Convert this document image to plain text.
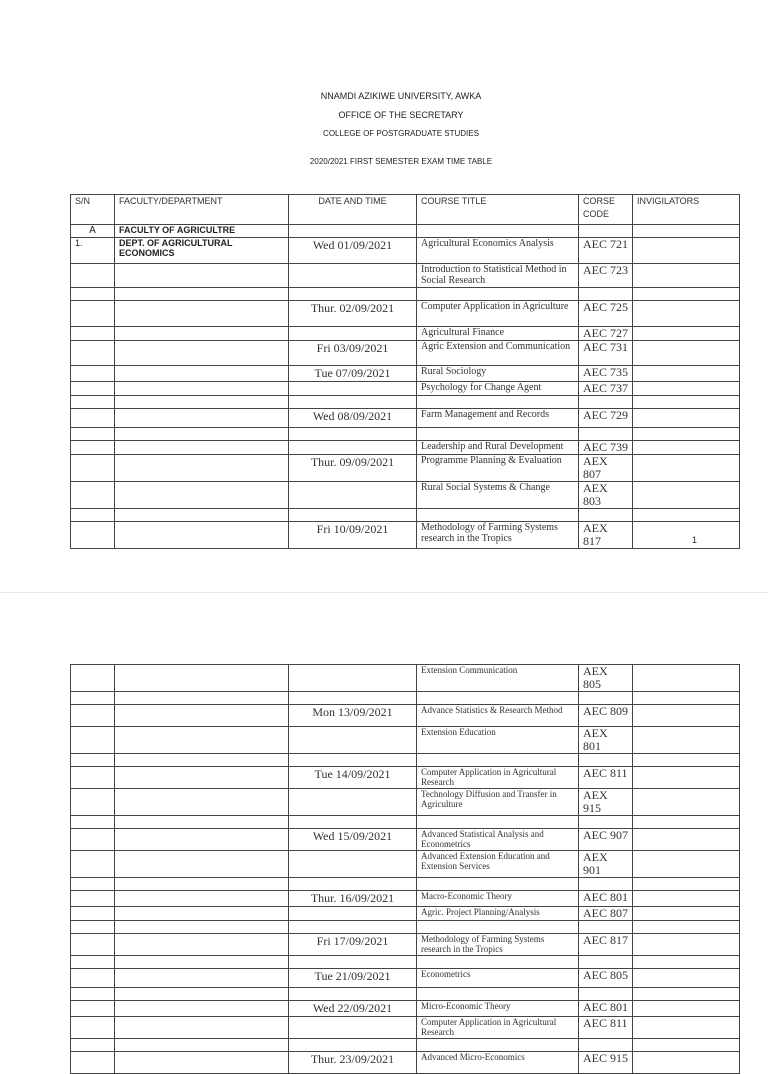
NNAMDI AZIKIWE UNIVERSITY, AWKA
OFFICE OF THE SECRETARY
COLLEGE OF POSTGRADUATE STUDIES
2020/2021 FIRST SEMESTER EXAM TIME TABLE
S/N	FACULTY/DEPARTMENT	DATE AND TIME	COURSE TITLE	CORSE CODE	INVIGILATORS
A	FACULTY OF AGRICULTRE				
1.	DEPT. OF AGRICULTURAL ECONOMICS	Wed 01/09/2021	Agricultural Economics Analysis	AEC 721	
			Introduction to Statistical Method in Social Research	AEC 723	

		Thur. 02/09/2021	Computer Application in Agriculture	AEC 725	
			Agricultural Finance	AEC 727	
		Fri 03/09/2021	Agric Extension and Communication	AEC 731	
		Tue 07/09/2021	Rural Sociology	AEC 735	
			Psychology for Change Agent	AEC 737	

		Wed 08/09/2021	Farm Management and Records	AEC 729	

			Leadership and Rural Development	AEC 739	
		Thur. 09/09/2021	Programme Planning & Evaluation	AEX 807	
			Rural Social Systems & Change	AEX 803	

		Fri 10/09/2021	Methodology of Farming Systems research in the Tropics	AEX 817		1
			Extension Communication	AEX 805	

		Mon 13/09/2021	Advance Statistics & Research Method	AEC 809	
			Extension Education	AEX 801	

		Tue 14/09/2021	Computer Application in Agricultural Research	AEC 811	
			Technology Diffusion and Transfer in Agriculture	AEX 915	

		Wed 15/09/2021	Advanced Statistical Analysis and Econometrics	AEC 907	
			Advanced Extension Education and Extension Services	AEX 901	

		Thur. 16/09/2021	Macro-Economic Theory	AEC 801	
			Agric. Project Planning/Analysis	AEC 807	

		Fri 17/09/2021	Methodology of Farming Systems research in the Tropics	AEC 817	

		Tue 21/09/2021	Econometrics	AEC 805	

		Wed 22/09/2021	Micro-Economic Theory	AEC 801	
			Computer Application in Agricultural Research	AEC 811	

		Thur. 23/09/2021	Advanced Micro-Economics	AEC 915	
